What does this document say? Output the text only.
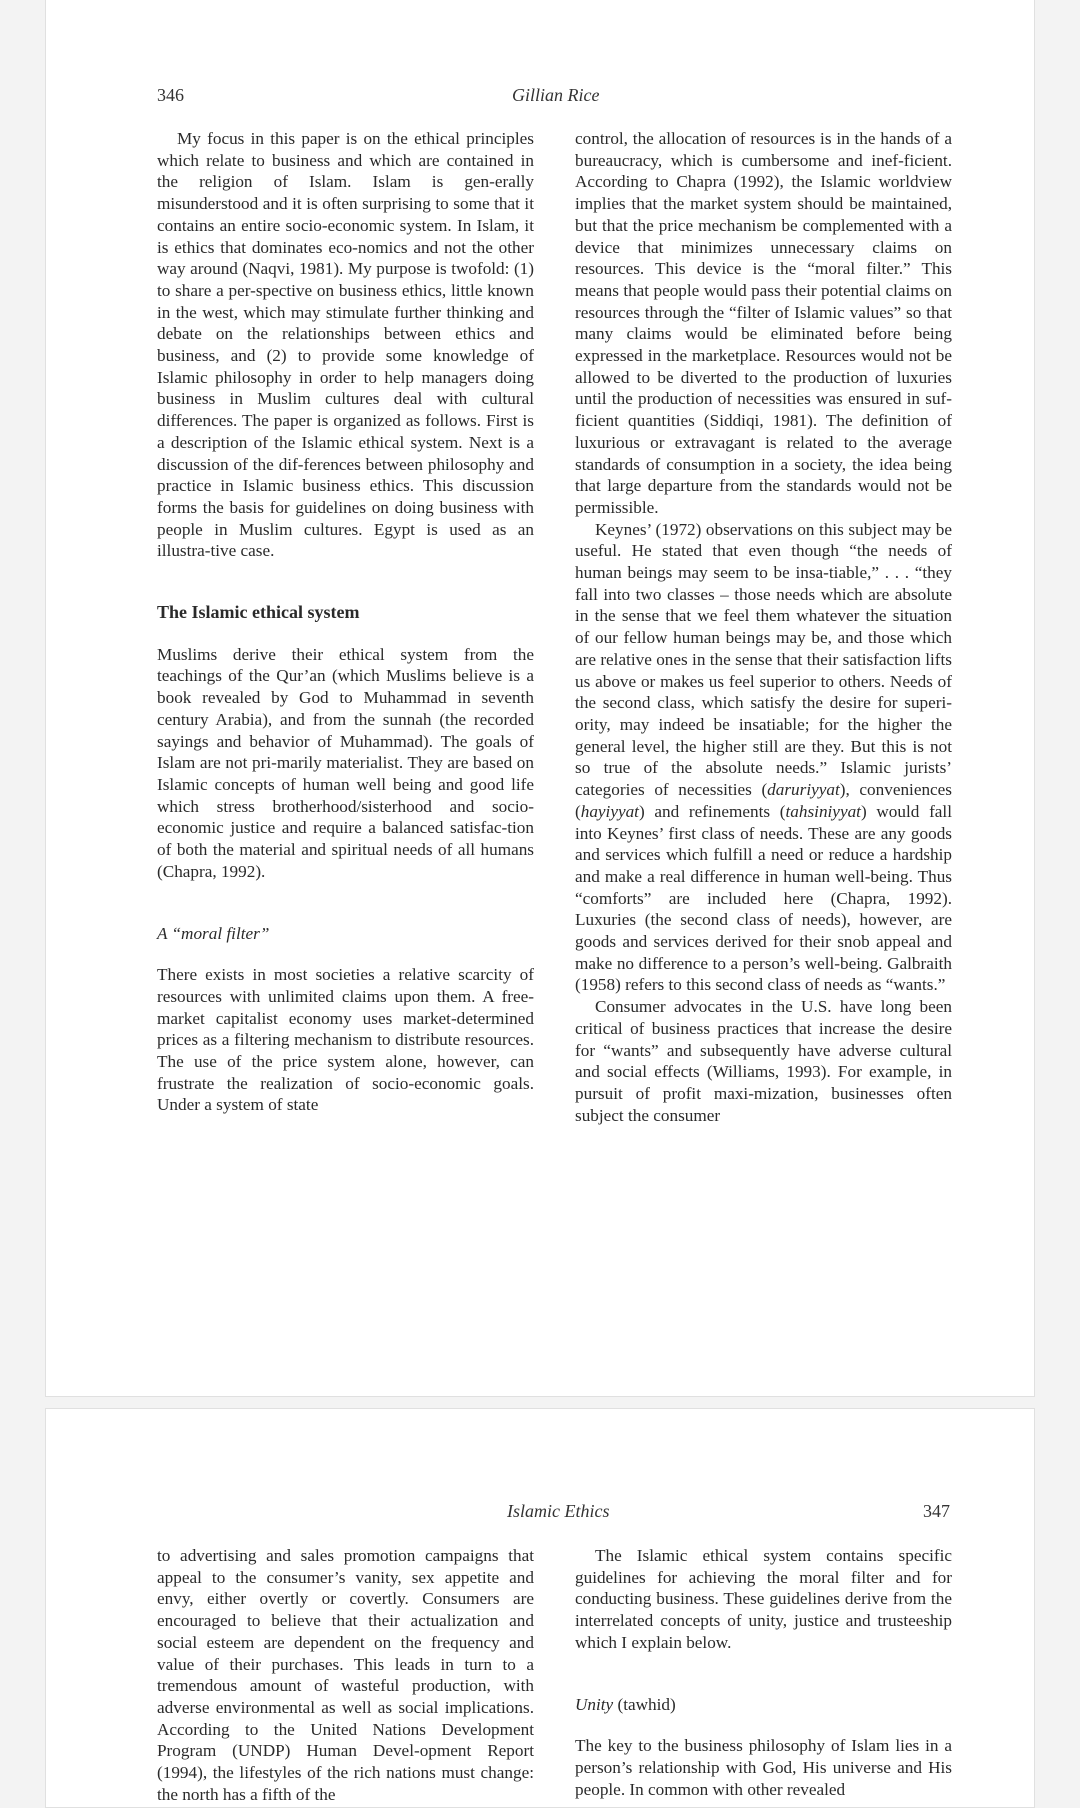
346	Gillian Rice

My focus in this paper is on the ethical principles which relate to business and which are contained in the religion of Islam. Islam is gen-erally misunderstood and it is often surprising to some that it contains an entire socio-economic system. In Islam, it is ethics that dominates eco-nomics and not the other way around (Naqvi, 1981). My purpose is twofold: (1) to share a per-spective on business ethics, little known in the west, which may stimulate further thinking and debate on the relationships between ethics and business, and (2) to provide some knowledge of Islamic philosophy in order to help managers doing business in Muslim cultures deal with cultural differences. The paper is organized as follows. First is a description of the Islamic ethical system. Next is a discussion of the dif-ferences between philosophy and practice in Islamic business ethics. This discussion forms the basis for guidelines on doing business with people in Muslim cultures. Egypt is used as an illustra-tive case.

The Islamic ethical system

Muslims derive their ethical system from the teachings of the Qur’an (which Muslims believe is a book revealed by God to Muhammad in seventh century Arabia), and from the sunnah (the recorded sayings and behavior of Muhammad). The goals of Islam are not pri-marily materialist. They are based on Islamic concepts of human well being and good life which stress brotherhood/sisterhood and socio-economic justice and require a balanced satisfac-tion of both the material and spiritual needs of all humans (Chapra, 1992).

A “moral filter”

There exists in most societies a relative scarcity of resources with unlimited claims upon them. A free-market capitalist economy uses market-determined prices as a filtering mechanism to distribute resources. The use of the price system alone, however, can frustrate the realization of socio-economic goals. Under a system of state

control, the allocation of resources is in the hands of a bureaucracy, which is cumbersome and inef-ficient. According to Chapra (1992), the Islamic worldview implies that the market system should be maintained, but that the price mechanism be complemented with a device that minimizes unnecessary claims on resources. This device is the “moral filter.” This means that people would pass their potential claims on resources through the “filter of Islamic values” so that many claims would be eliminated before being expressed in the marketplace. Resources would not be allowed to be diverted to the production of luxuries until the production of necessities was ensured in suf-ficient quantities (Siddiqi, 1981). The definition of luxurious or extravagant is related to the average standards of consumption in a society, the idea being that large departure from the standards would not be permissible.

Keynes’ (1972) observations on this subject may be useful. He stated that even though “the needs of human beings may seem to be insa-tiable,” . . . “they fall into two classes – those needs which are absolute in the sense that we feel them whatever the situation of our fellow human beings may be, and those which are relative ones in the sense that their satisfaction lifts us above or makes us feel superior to others. Needs of the second class, which satisfy the desire for superi-ority, may indeed be insatiable; for the higher the general level, the higher still are they. But this is not so true of the absolute needs.” Islamic jurists’ categories of necessities (daruriyyat), conveniences (hayiyyat) and refinements (tahsiniyyat) would fall into Keynes’ first class of needs. These are any goods and services which fulfill a need or reduce a hardship and make a real difference in human well-being. Thus “comforts” are included here (Chapra, 1992). Luxuries (the second class of needs), however, are goods and services derived for their snob appeal and make no difference to a person’s well-being. Galbraith (1958) refers to this second class of needs as “wants.”

Consumer advocates in the U.S. have long been critical of business practices that increase the desire for “wants” and subsequently have adverse cultural and social effects (Williams, 1993). For example, in pursuit of profit maxi-mization, businesses often subject the consumer

Islamic Ethics	347

to advertising and sales promotion campaigns that appeal to the consumer’s vanity, sex appetite and envy, either overtly or covertly. Consumers are encouraged to believe that their actualization and social esteem are dependent on the frequency and value of their purchases. This leads in turn to a tremendous amount of wasteful production, with adverse environmental as well as social implications. According to the United Nations Development Program (UNDP) Human Devel-opment Report (1994), the lifestyles of the rich nations must change: the north has a fifth of the

The Islamic ethical system contains specific guidelines for achieving the moral filter and for conducting business. These guidelines derive from the interrelated concepts of unity, justice and trusteeship which I explain below.

Unity (tawhid)

The key to the business philosophy of Islam lies in a person’s relationship with God, His universe and His people. In common with other revealed
